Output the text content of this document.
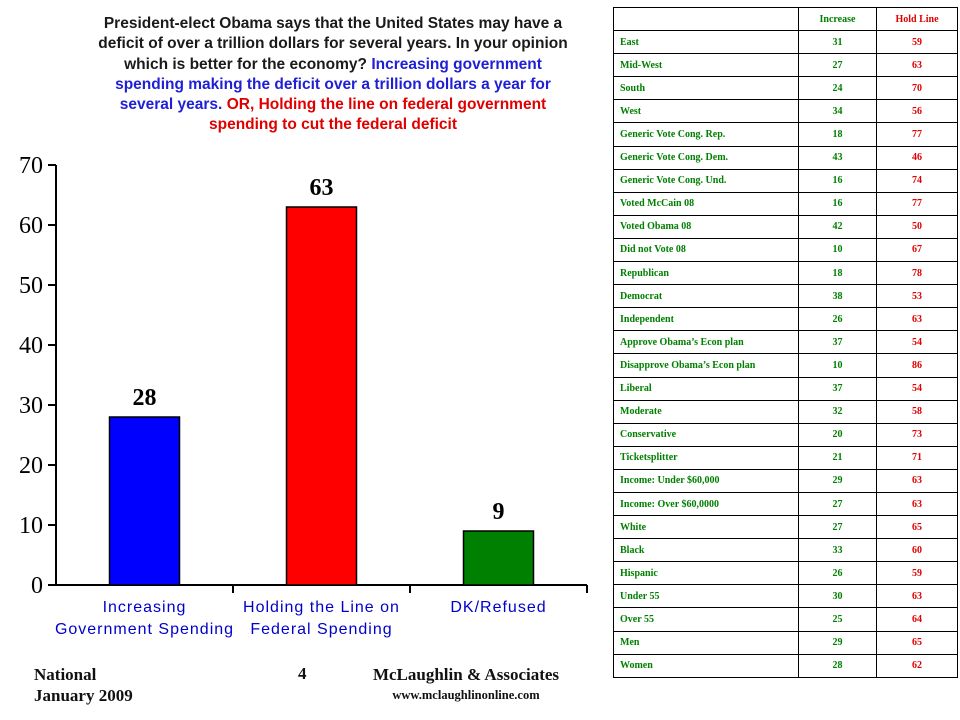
President-elect Obama says that the United States may have a deficit of over a trillion dollars for several years. In your opinion which is better for the economy? Increasing government spending making the deficit over a trillion dollars a year for several years. OR, Holding the line on federal government spending to cut the federal deficit
0
10
20
30
40
50
60
70
28
Increasing
Government Spending
63
Holding the Line on
Federal Spending
9
DK/Refused
National
January 2009
4	McLaughlin & Associates
www.mclaughlinonline.com
	Increase	Hold Line
East	31	59
Mid-West	27	63
South	24	70
West	34	56
Generic Vote Cong. Rep.	18	77
Generic Vote Cong. Dem.	43	46
Generic Vote Cong. Und.	16	74
Voted McCain 08	16	77
Voted Obama 08	42	50
Did not Vote 08	10	67
Republican	18	78
Democrat	38	53
Independent	26	63
Approve Obama’s Econ plan	37	54
Disapprove Obama’s Econ plan	10	86
Liberal	37	54
Moderate	32	58
Conservative	20	73
Ticketsplitter	21	71
Income: Under $60,000	29	63
Income: Over $60,0000	27	63
White	27	65
Black	33	60
Hispanic	26	59
Under 55	30	63
Over 55	25	64
Men	29	65
Women	28	62
